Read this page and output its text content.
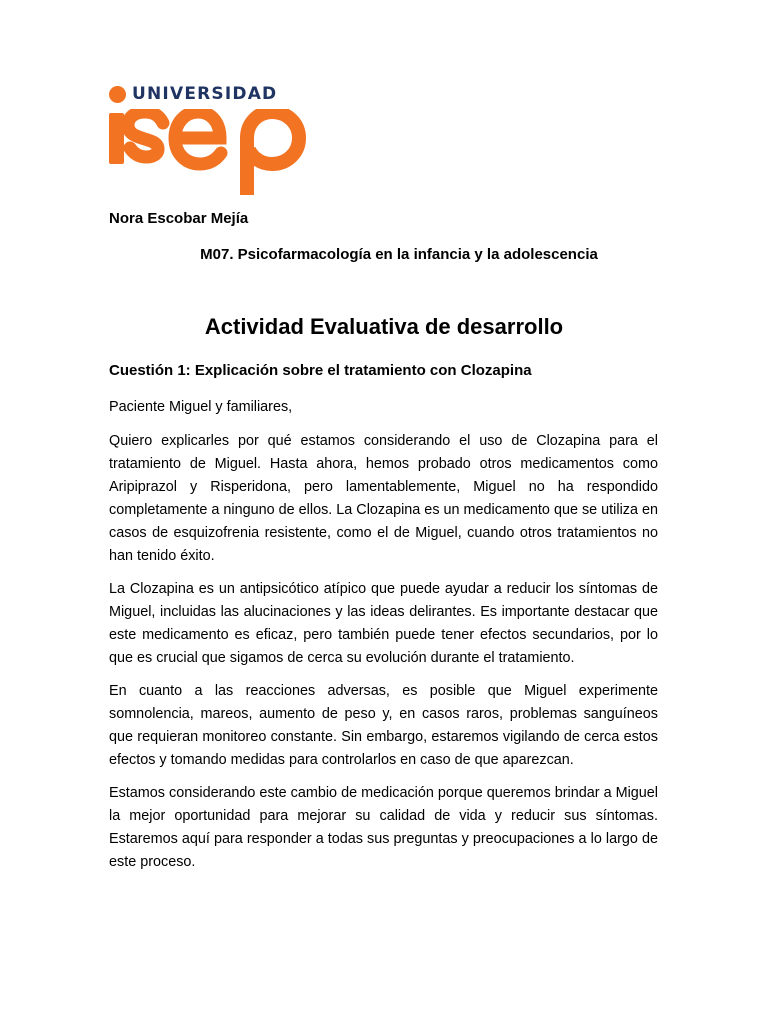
UNIVERSIDAD
Nora Escobar Mejía
M07. Psicofarmacología en la infancia y la adolescencia
Actividad Evaluativa de desarrollo
Cuestión 1: Explicación sobre el tratamiento con Clozapina

Paciente Miguel y familiares,

Quiero explicarles por qué estamos considerando el uso de Clozapina para el tratamiento de Miguel. Hasta ahora, hemos probado otros medicamentos como Aripiprazol y Risperidona, pero lamentablemente, Miguel no ha respondido completamente a ninguno de ellos. La Clozapina es un medicamento que se utiliza en casos de esquizofrenia resistente, como el de Miguel, cuando otros tratamientos no han tenido éxito.

La Clozapina es un antipsicótico atípico que puede ayudar a reducir los síntomas de Miguel, incluidas las alucinaciones y las ideas delirantes. Es importante destacar que este medicamento es eficaz, pero también puede tener efectos secundarios, por lo que es crucial que sigamos de cerca su evolución durante el tratamiento.

En cuanto a las reacciones adversas, es posible que Miguel experimente somnolencia, mareos, aumento de peso y, en casos raros, problemas sanguíneos que requieran monitoreo constante. Sin embargo, estaremos vigilando de cerca estos efectos y tomando medidas para controlarlos en caso de que aparezcan.

Estamos considerando este cambio de medicación porque queremos brindar a Miguel la mejor oportunidad para mejorar su calidad de vida y reducir sus síntomas. Estaremos aquí para responder a todas sus preguntas y preocupaciones a lo largo de este proceso.
